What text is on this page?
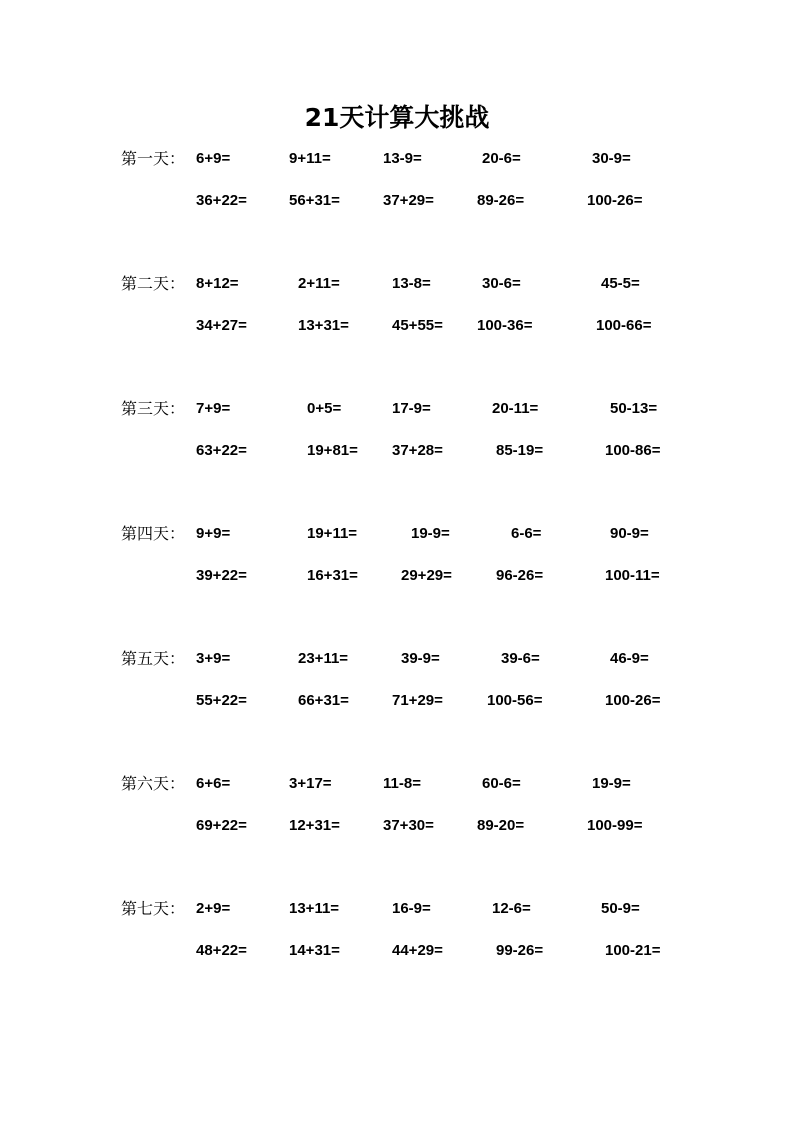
21天计算大挑战
第一天： 6+9=	9+11=	13-9=	20-6=	30-9=
36+22=	56+31=	37+29=	89-26=	100-26=
第二天： 8+12=	2+11=	13-8=	30-6=	45-5=
34+27=	13+31=	45+55= 100-36=	100-66=
第三天： 7+9=	0+5=	17-9=	20-11=	50-13=
63+22=	19+81= 37+28=	85-19=	100-86=
第四天： 9+9=	19+11=	19-9=	6-6=	90-9=
39+22=	16+31=	29+29=	96-26=	100-11=
第五天： 3+9=	23+11=	39-9=	39-6=	46-9=
55+22=	66+31=	71+29=	100-56=	100-26=
第六天： 6+6=	3+17=	11-8=	60-6=	19-9=
69+22=	12+31=	37+30=	89-20=	100-99=
第七天： 2+9=	13+11=	16-9=	12-6=	50-9=
48+22=	14+31=	44+29=	99-26=	100-21=
